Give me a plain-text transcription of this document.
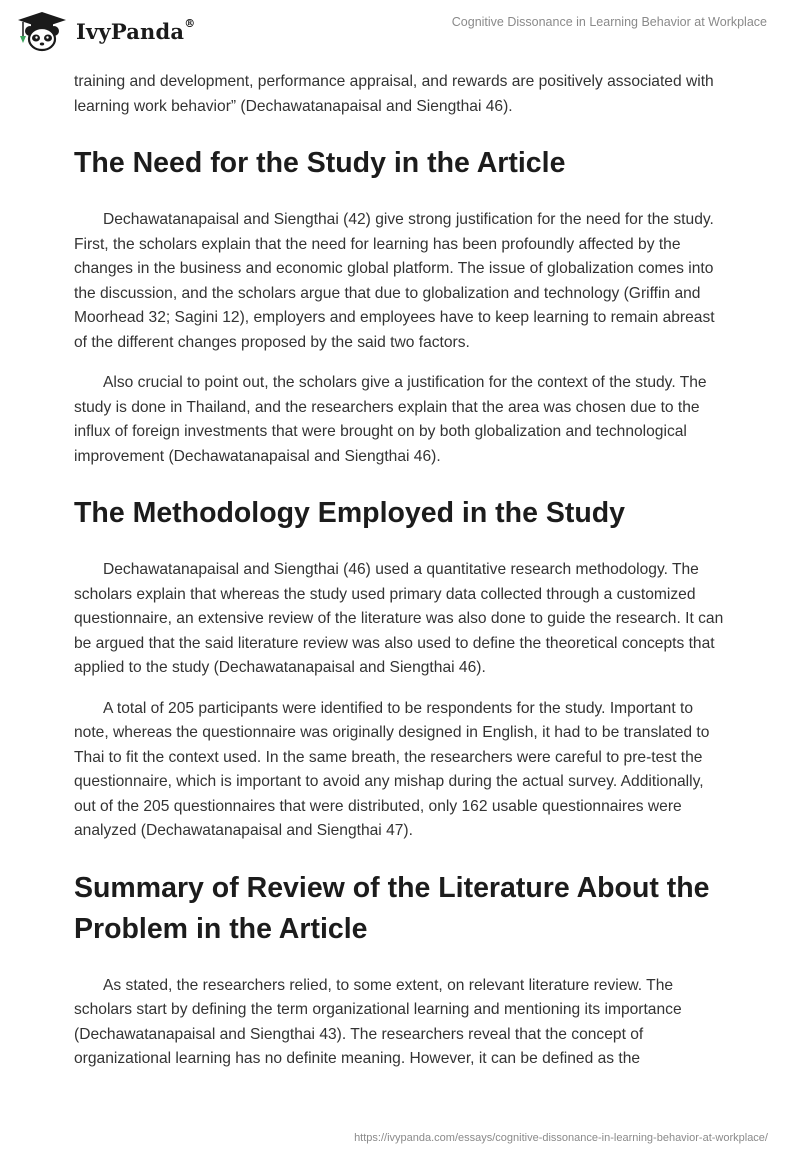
IvyPanda®	Cognitive Dissonance in Learning Behavior at Workplace

training and development, performance appraisal, and rewards are positively associated with learning work behavior” (Dechawatanapaisal and Siengthai 46).

The Need for the Study in the Article

Dechawatanapaisal and Siengthai (42) give strong justification for the need for the study. First, the scholars explain that the need for learning has been profoundly affected by the changes in the business and economic global platform. The issue of globalization comes into the discussion, and the scholars argue that due to globalization and technology (Griffin and Moorhead 32; Sagini 12), employers and employees have to keep learning to remain abreast of the different changes proposed by the said two factors.

Also crucial to point out, the scholars give a justification for the context of the study. The study is done in Thailand, and the researchers explain that the area was chosen due to the influx of foreign investments that were brought on by both globalization and technological improvement (Dechawatanapaisal and Siengthai 46).

The Methodology Employed in the Study

Dechawatanapaisal and Siengthai (46) used a quantitative research methodology. The scholars explain that whereas the study used primary data collected through a customized questionnaire, an extensive review of the literature was also done to guide the research. It can be argued that the said literature review was also used to define the theoretical concepts that applied to the study (Dechawatanapaisal and Siengthai 46).

A total of 205 participants were identified to be respondents for the study. Important to note, whereas the questionnaire was originally designed in English, it had to be translated to Thai to fit the context used. In the same breath, the researchers were careful to pre-test the questionnaire, which is important to avoid any mishap during the actual survey. Additionally, out of the 205 questionnaires that were distributed, only 162 usable questionnaires were analyzed (Dechawatanapaisal and Siengthai 47).

Summary of Review of the Literature About the Problem in the Article

As stated, the researchers relied, to some extent, on relevant literature review. The scholars start by defining the term organizational learning and mentioning its importance (Dechawatanapaisal and Siengthai 43). The researchers reveal that the concept of organizational learning has no definite meaning. However, it can be defined as the

https://ivypanda.com/essays/cognitive-dissonance-in-learning-behavior-at-workplace/
